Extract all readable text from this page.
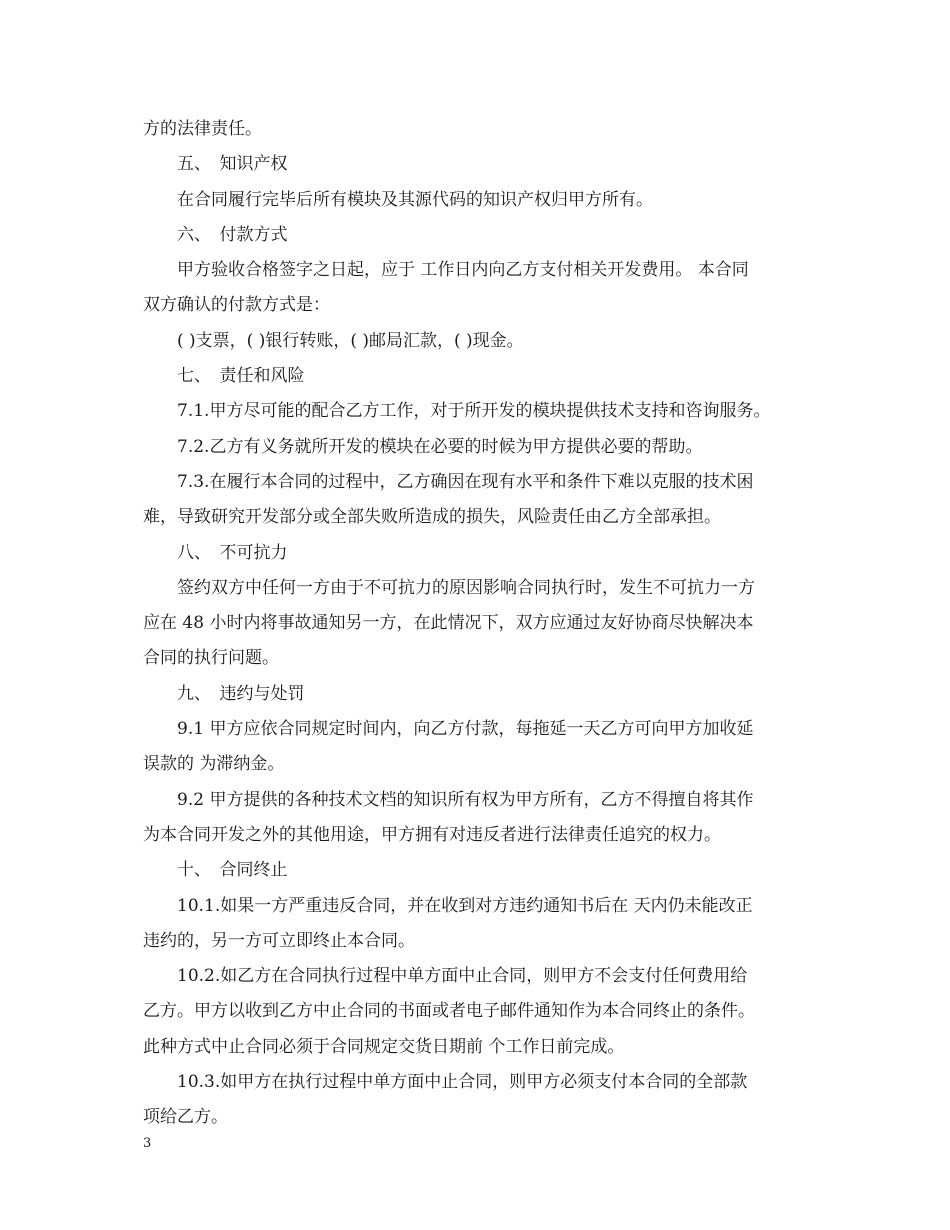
方的法律责任。
五、　知识产权
在合同履行完毕后所有模块及其源代码的知识产权归甲方所有。
六、　付款方式
甲方验收合格签字之日起，应于 工作日内向乙方支付相关开发费用。 本合同
双方确认的付款方式是：
( )支票，( )银行转账，( )邮局汇款，( )现金。
七、　责任和风险
7.1.甲方尽可能的配合乙方工作，对于所开发的模块提供技术支持和咨询服务。
7.2.乙方有义务就所开发的模块在必要的时候为甲方提供必要的帮助。
7.3.在履行本合同的过程中，乙方确因在现有水平和条件下难以克服的技术困
难，导致研究开发部分或全部失败所造成的损失，风险责任由乙方全部承担。
八、　不可抗力
签约双方中任何一方由于不可抗力的原因影响合同执行时，发生不可抗力一方
应在 48 小时内将事故通知另一方，在此情况下，双方应通过友好协商尽快解决本
合同的执行问题。
九、　违约与处罚
9.1 甲方应依合同规定时间内，向乙方付款，每拖延一天乙方可向甲方加收延
误款的 为滞纳金。
9.2 甲方提供的各种技术文档的知识所有权为甲方所有，乙方不得擅自将其作
为本合同开发之外的其他用途，甲方拥有对违反者进行法律责任追究的权力。
十、　合同终止
10.1.如果一方严重违反合同，并在收到对方违约通知书后在 天内仍未能改正
违约的，另一方可立即终止本合同。
10.2.如乙方在合同执行过程中单方面中止合同，则甲方不会支付任何费用给
乙方。甲方以收到乙方中止合同的书面或者电子邮件通知作为本合同终止的条件。
此种方式中止合同必须于合同规定交货日期前 个工作日前完成。
10.3.如甲方在执行过程中单方面中止合同，则甲方必须支付本合同的全部款
项给乙方。
3
